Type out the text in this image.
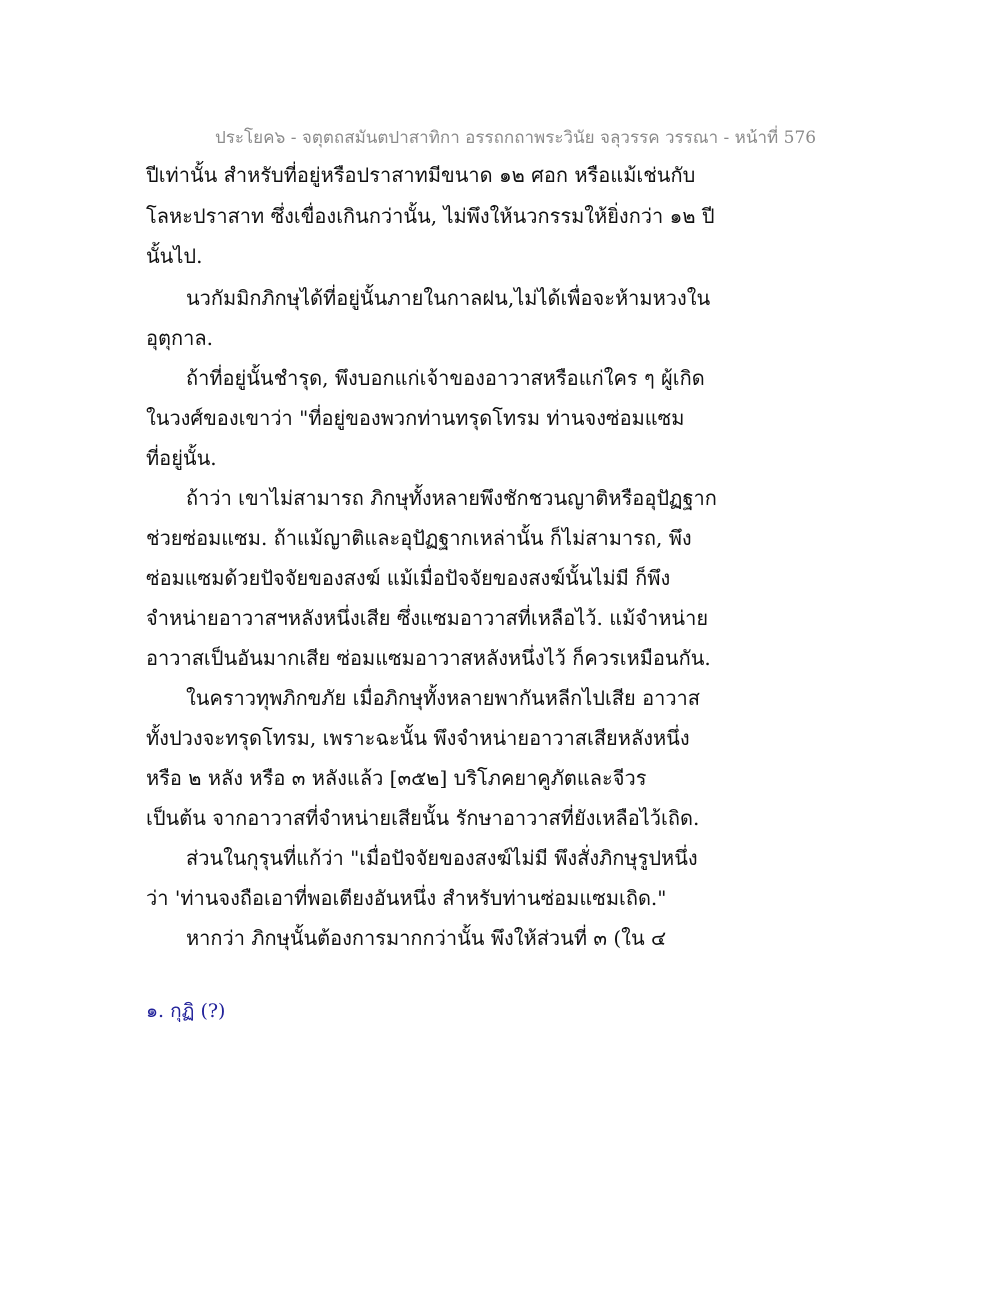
ประโยค๖ - จตุตถสมันตปาสาทิกา อรรถกถาพระวินัย จลุวรรค วรรณา - หน้าที่ 576
ปีเท่านั้น สำหรับที่อยู่หรือปราสาทมีขนาด ๑๒ ศอก หรือแม้เช่นกับ
โลหะปราสาท ซึ่งเขื่องเกินกว่านั้น, ไม่พึงให้นวกรรมให้ยิ่งกว่า ๑๒ ปี
นั้นไป.
นวกัมมิกภิกษุได้ที่อยู่นั้นภายในกาลฝน,ไม่ได้เพื่อจะห้ามหวงใน
อุตุกาล.
ถ้าที่อยู่นั้นชำรุด, พึงบอกแก่เจ้าของอาวาสหรือแก่ใคร ๆ ผู้เกิด
ในวงศ์ของเขาว่า "ที่อยู่ของพวกท่านทรุดโทรม ท่านจงซ่อมแซม
ที่อยู่นั้น.
ถ้าว่า เขาไม่สามารถ ภิกษุทั้งหลายพึงชักชวนญาติหรืออุปัฏฐาก
ช่วยซ่อมแซม. ถ้าแม้ญาติและอุปัฏฐากเหล่านั้น ก็ไม่สามารถ, พึง
ซ่อมแซมด้วยปัจจัยของสงฆ์ แม้เมื่อปัจจัยของสงฆ์นั้นไม่มี ก็พึง
จำหน่ายอาวาสฯหลังหนึ่งเสีย ซึ่งแซมอาวาสที่เหลือไว้. แม้จำหน่าย
อาวาสเป็นอันมากเสีย ซ่อมแซมอาวาสหลังหนึ่งไว้ ก็ควรเหมือนกัน.
ในคราวทุพภิกขภัย เมื่อภิกษุทั้งหลายพากันหลีกไปเสีย อาวาส
ทั้งปวงจะทรุดโทรม, เพราะฉะนั้น พึงจำหน่ายอาวาสเสียหลังหนึ่ง
หรือ ๒ หลัง หรือ ๓ หลังแล้ว [๓๕๒] บริโภคยาคูภัตและจีวร
เป็นต้น จากอาวาสที่จำหน่ายเสียนั้น รักษาอาวาสที่ยังเหลือไว้เถิด.
ส่วนในกุรุนที่แก้ว่า "เมื่อปัจจัยของสงฆ์ไม่มี พึงสั่งภิกษุรูปหนึ่ง
ว่า 'ท่านจงถือเอาที่พอเตียงอันหนึ่ง สำหรับท่านซ่อมแซมเถิด."
หากว่า ภิกษุนั้นต้องการมากกว่านั้น พึงให้ส่วนที่ ๓ (ใน ๔
๑. กุฏิ (?)
